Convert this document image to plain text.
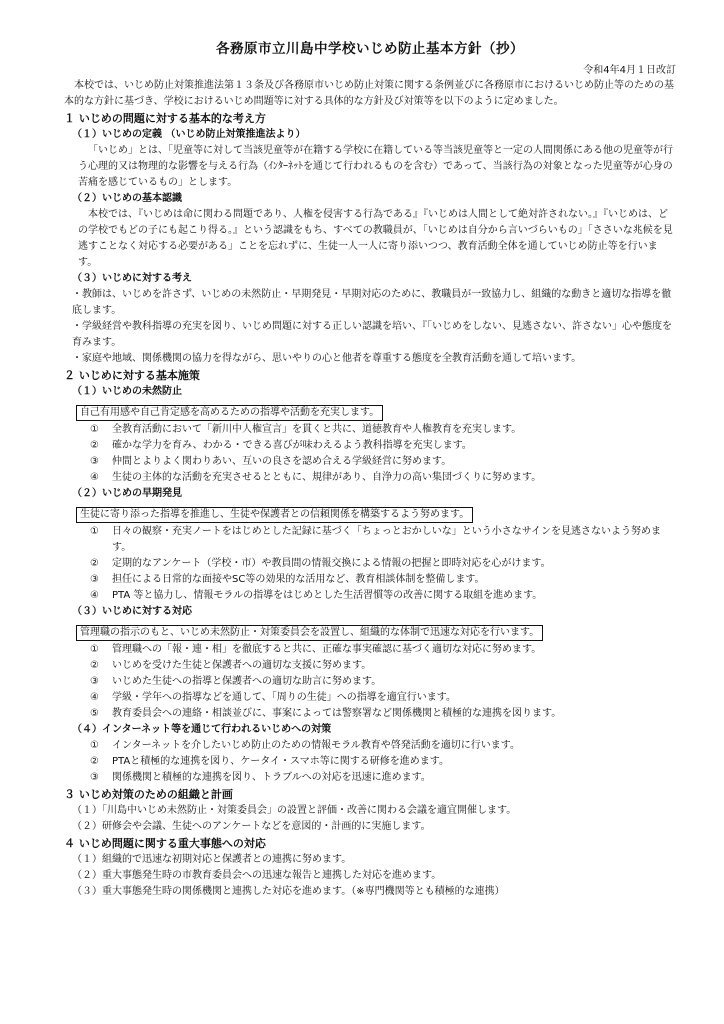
各務原市立川島中学校いじめ防止基本方針（抄）

令和4年4月１日改訂

本校では、いじめ防止対策推進法第１３条及び各務原市いじめ防止対策に関する条例並びに各務原市におけるいじめ防止等のための基本的な方針に基づき、学校におけるいじめ問題等に対する具体的な方針及び対策等を以下のように定めました。

１ いじめの問題に対する基本的な考え方

（１）いじめの定義 （いじめ防止対策推進法より）

「いじめ」とは、「児童等に対して当該児童等が在籍する学校に在籍している等当該児童等と一定の人間関係にある他の児童等が行う心理的又は物理的な影響を与える行為（ｲﾝﾀｰﾈｯﾄを通じて行われるものを含む）であって、当該行為の対象となった児童等が心身の苦痛を感じているもの」とします。

（２）いじめの基本認識

本校では、『いじめは命に関わる問題であり、人権を侵害する行為である』『いじめは人間として絶対許されない。』『いじめは、どの学校でもどの子にも起こり得る。』という認識をもち、すべての教職員が、「いじめは自分から言いづらいもの」「ささいな兆候を見逃すことなく対応する必要がある」ことを忘れずに、生徒一人一人に寄り添いつつ、教育活動全体を通していじめ防止等を行います。

（３）いじめに対する考え

・教師は、いじめを許さず、いじめの未然防止・早期発見・早期対応のために、教職員が一致協力し、組織的な動きと適切な指導を徹底します。

・学級経営や教科指導の充実を図り、いじめ問題に対する正しい認識を培い、『「いじめをしない、見逃さない、許さない」心や態度を育みます。

・家庭や地域、関係機関の協力を得ながら、思いやりの心と他者を尊重する態度を全教育活動を通して培います。

２ いじめに対する基本施策

（１）いじめの未然防止

自己有用感や自己肯定感を高めるための指導や活動を充実します。
①	全教育活動において「新川中人権宣言」を貫くと共に、道徳教育や人権教育を充実します。
②	確かな学力を育み、わかる・できる喜びが味わえるよう教科指導を充実します。
③	仲間とよりよく関わりあい、互いの良さを認め合える学級経営に努めます。
④	生徒の主体的な活動を充実させるとともに、規律があり、自浄力の高い集団づくりに努めます。

（２）いじめの早期発見

生徒に寄り添った指導を推進し、生徒や保護者との信頼関係を構築するよう努めます。
①	日々の観察・充実ノートをはじめとした記録に基づく「ちょっとおかしいな」という小さなサインを見逃さないよう努めます。
②	定期的なアンケート（学校・市）や教員間の情報交換による情報の把握と即時対応を心がけます。
③	担任による日常的な面接やSC等の効果的な活用など、教育相談体制を整備します。
④	PTA 等と協力し、情報モラルの指導をはじめとした生活習慣等の改善に関する取組を進めます。

（３）いじめに対する対応

管理職の指示のもと、いじめ未然防止・対策委員会を設置し、組織的な体制で迅速な対応を行います。
①	管理職への「報・連・相」を徹底すると共に、正確な事実確認に基づく適切な対応に努めます。
②	いじめを受けた生徒と保護者への適切な支援に努めます。
③	いじめた生徒への指導と保護者への適切な助言に努めます。
④	学級・学年への指導などを通して、「周りの生徒」への指導を適宜行います。
⑤	教育委員会への連絡・相談並びに、事案によっては警察署など関係機関と積極的な連携を図ります。

（４）インターネット等を通じて行われるいじめへの対策

①	インターネットを介したいじめ防止のための情報モラル教育や啓発活動を適切に行います。
②	PTAと積極的な連携を図り、ケータイ・スマホ等に関する研修を進めます。
③	関係機関と積極的な連携を図り、トラブルへの対応を迅速に進めます。

３ いじめ対策のための組織と計画

（１）「川島中いじめ未然防止・対策委員会」の設置と評価・改善に関わる会議を適宜開催します。

（２）研修会や会議、生徒へのアンケートなどを意図的・計画的に実施します。

４ いじめ問題に関する重大事態への対応

（１）組織的で迅速な初期対応と保護者との連携に努めます。

（２）重大事態発生時の市教育委員会への迅速な報告と連携した対応を進めます。

（３）重大事態発生時の関係機関と連携した対応を進めます。（※専門機関等とも積極的な連携）
